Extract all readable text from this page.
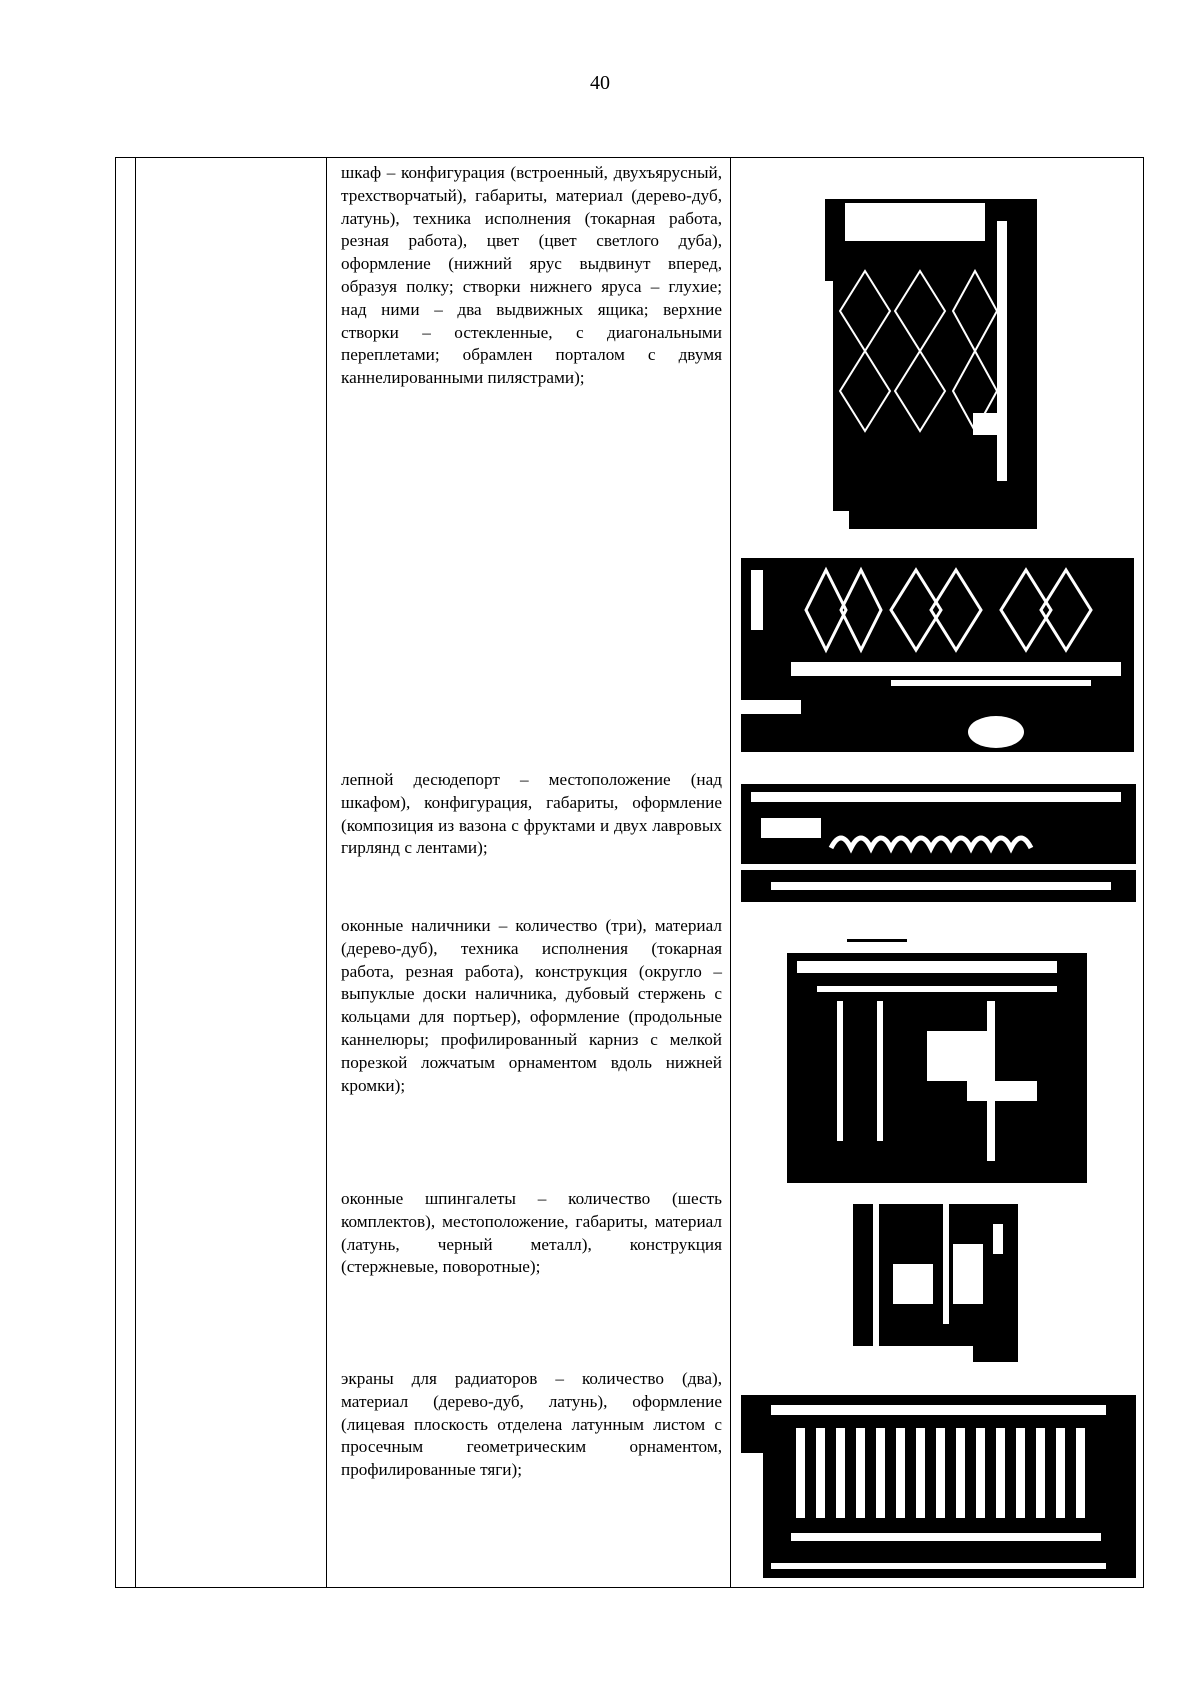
40
шкаф – конфигурация (встроенный, двухъярусный, трехстворчатый), габариты, материал (дерево-дуб, латунь), техника исполнения (токарная работа, резная работа), цвет (цвет светлого дуба), оформление (нижний ярус выдвинут вперед, образуя полку; створки нижнего яруса – глухие; над ними – два выдвижных ящика; верхние створки – остекленные, с диагональными переплетами; обрамлен порталом с двумя каннелированными пилястрами);
лепной десюдепорт – местоположение (над шкафом), конфигурация, габариты, оформление (композиция из вазона с фруктами и двух лавровых гирлянд с лентами);
оконные наличники – количество (три), материал (дерево-дуб), техника исполнения (токарная работа, резная работа), конструкция (округло – выпуклые доски наличника, дубовый стержень с кольцами для портьер), оформление (продольные каннелюры; профилированный карниз с мелкой порезкой ложчатым орнаментом вдоль нижней кромки);
оконные шпингалеты – количество (шесть комплектов), местоположение, габариты, материал (латунь, черный металл), конструкция (стержневые, поворотные);
экраны для радиаторов – количество (два), материал (дерево-дуб, латунь), оформление (лицевая плоскость отделена латунным листом с просечным геометрическим орнаментом, профилированные тяги);
